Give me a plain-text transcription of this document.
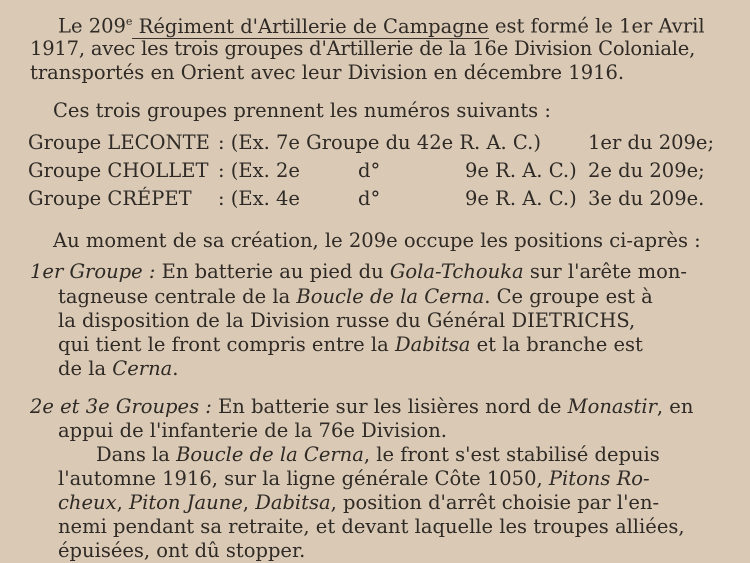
Le 209e Régiment d'Artillerie de Campagne est formé le 1er Avril
1917, avec les trois groupes d'Artillerie de la 16e Division Coloniale,
transportés en Orient avec leur Division en décembre 1916.
Ces trois groupes prennent les numéros suivants :
Groupe LECONTE : (Ex. 7e Groupe du 42e R. A. C.) 1er du 209e;
Groupe CHOLLET : (Ex. 2e	d°	9e R. A. C.) 2e du 209e;
Groupe CRÉPET : (Ex. 4e	d°	9e R. A. C.) 3e du 209e.
Au moment de sa création, le 209e occupe les positions ci-après :
1er Groupe : En batterie au pied du Gola-Tchouka sur l'arête mon-
tagneuse centrale de la Boucle de la Cerna. Ce groupe est à
la disposition de la Division russe du Général DIETRICHS,
qui tient le front compris entre la Dabitsa et la branche est
de la Cerna.
2e et 3e Groupes : En batterie sur les lisières nord de Monastir, en
appui de l'infanterie de la 76e Division.
Dans la Boucle de la Cerna, le front s'est stabilisé depuis
l'automne 1916, sur la ligne générale Côte 1050, Pitons Ro-
cheux, Piton Jaune, Dabitsa, position d'arrêt choisie par l'en-
nemi pendant sa retraite, et devant laquelle les troupes alliées,
épuisées, ont dû stopper.
